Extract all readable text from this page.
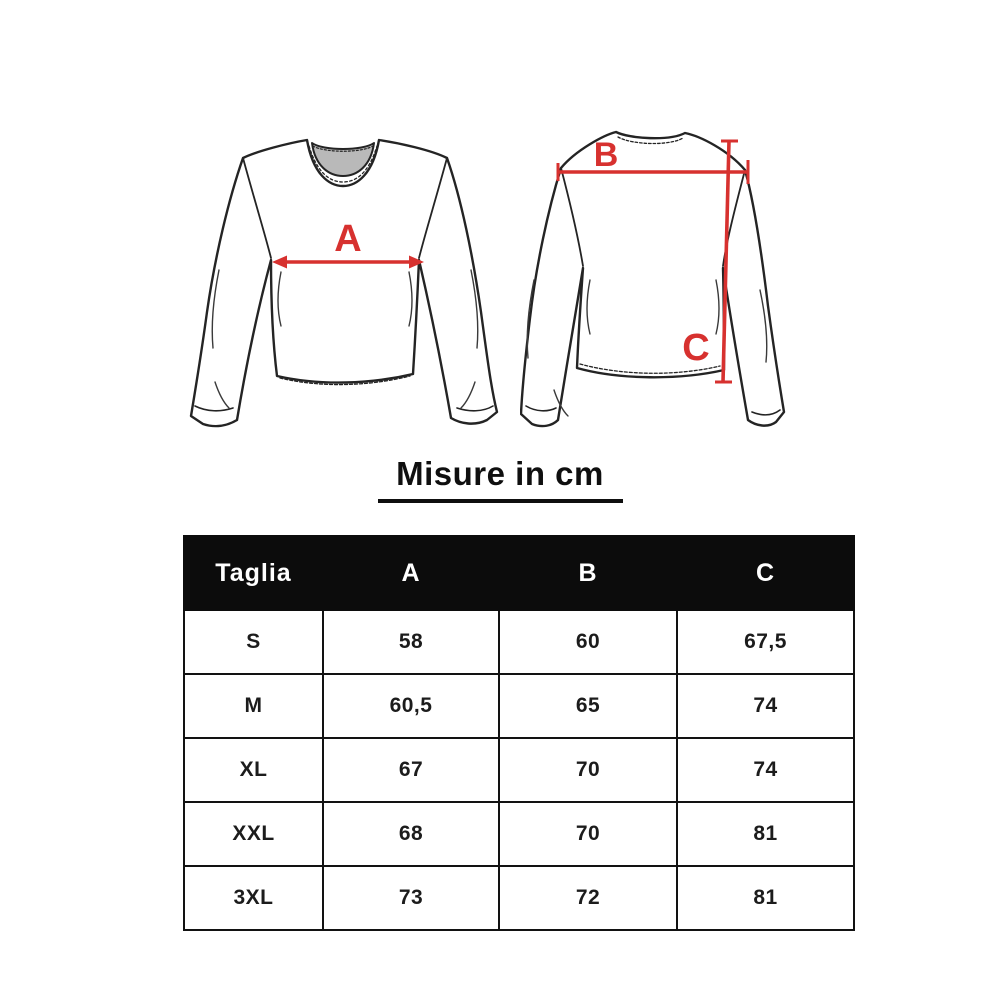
A
B
C
Misure in cm
Taglia	A	B	C
S	58	60	67,5
M	60,5	65	74
XL	67	70	74
XXL	68	70	81
3XL	73	72	81
